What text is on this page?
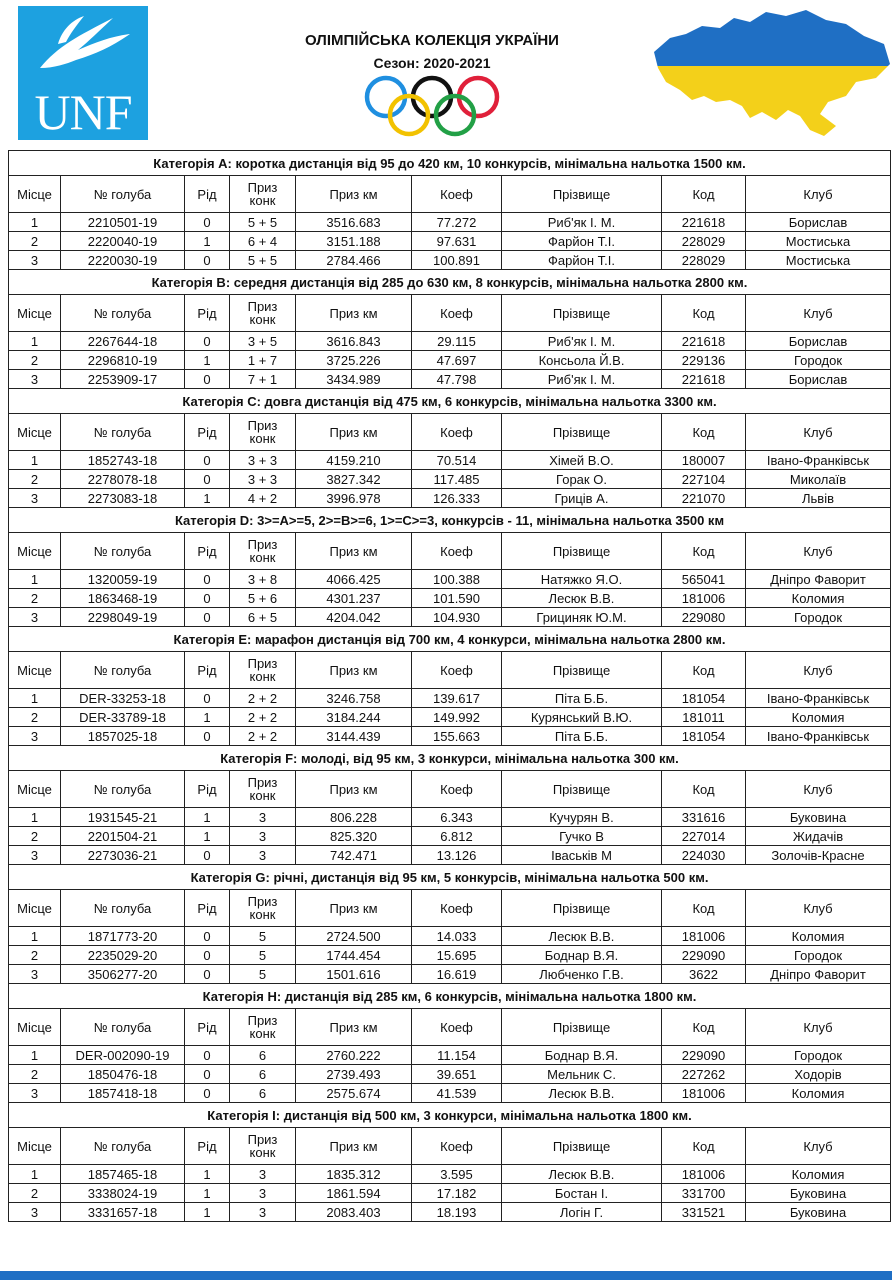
UNF
ОЛІМПІЙСЬКА КОЛЕКЦІЯ УКРАЇНИ
Сезон: 2020-2021
Категорія А: коротка дистанція від 95 до 420 км, 10 конкурсів, мінімальна нальотка 1500 км.								
Місце	№ голуба	Рід	Приз конк	Приз км	Коеф	Прізвище	Код	Клуб
1	2210501-19	0	5 + 5	3516.683	77.272	Риб'як І. М.	221618	Борислав
2	2220040-19	1	6 + 4	3151.188	97.631	Фарйон Т.І.	228029	Мостиська
3	2220030-19	0	5 + 5	2784.466	100.891	Фарйон Т.І.	228029	Мостиська
Категорія В: середня дистанція від 285 до 630 км, 8 конкурсів, мінімальна нальотка 2800 км.								
Місце	№ голуба	Рід	Приз конк	Приз км	Коеф	Прізвище	Код	Клуб
1	2267644-18	0	3 + 5	3616.843	29.115	Риб'як І. М.	221618	Борислав
2	2296810-19	1	1 + 7	3725.226	47.697	Консьола Й.В.	229136	Городок
3	2253909-17	0	7 + 1	3434.989	47.798	Риб'як І. М.	221618	Борислав
Категорія С: довга дистанція від 475 км, 6 конкурсів, мінімальна нальотка 3300 км.								
Місце	№ голуба	Рід	Приз конк	Приз км	Коеф	Прізвище	Код	Клуб
1	1852743-18	0	3 + 3	4159.210	70.514	Хімей В.О.	180007	Івано-Франківськ
2	2278078-18	0	3 + 3	3827.342	117.485	Горак О.	227104	Миколаїв
3	2273083-18	1	4 + 2	3996.978	126.333	Гриців А.	221070	Львів
Категорія D: 3>=A>=5, 2>=B>=6, 1>=C>=3, конкурсів - 11, мінімальна нальотка 3500 км								
Місце	№ голуба	Рід	Приз конк	Приз км	Коеф	Прізвище	Код	Клуб
1	1320059-19	0	3 + 8	4066.425	100.388	Натяжко Я.О.	565041	Дніпро Фаворит
2	1863468-19	0	5 + 6	4301.237	101.590	Лесюк В.В.	181006	Коломия
3	2298049-19	0	6 + 5	4204.042	104.930	Грициняк Ю.М.	229080	Городок
Категорія Е: марафон дистанція від 700 км, 4 конкурси, мінімальна нальотка 2800 км.								
Місце	№ голуба	Рід	Приз конк	Приз км	Коеф	Прізвище	Код	Клуб
1	DER-33253-18	0	2 + 2	3246.758	139.617	Піта Б.Б.	181054	Івано-Франківськ
2	DER-33789-18	1	2 + 2	3184.244	149.992	Курянський В.Ю.	181011	Коломия
3	1857025-18	0	2 + 2	3144.439	155.663	Піта Б.Б.	181054	Івано-Франківськ
Категорія F: молоді, від 95 км, 3 конкурси, мінімальна нальотка 300 км.								
Місце	№ голуба	Рід	Приз конк	Приз км	Коеф	Прізвище	Код	Клуб
1	1931545-21	1	3	806.228	6.343	Кучурян В.	331616	Буковина
2	2201504-21	1	3	825.320	6.812	Гучко В	227014	Жидачів
3	2273036-21	0	3	742.471	13.126	Іваськів М	224030	Золочів-Красне
Категорія G: річні, дистанція від 95 км, 5 конкурсів, мінімальна нальотка 500 км.								
Місце	№ голуба	Рід	Приз конк	Приз км	Коеф	Прізвище	Код	Клуб
1	1871773-20	0	5	2724.500	14.033	Лесюк В.В.	181006	Коломия
2	2235029-20	0	5	1744.454	15.695	Боднар В.Я.	229090	Городок
3	3506277-20	0	5	1501.616	16.619	Любченко Г.В.	3622	Дніпро Фаворит
Категорія Н: дистанція від 285 км, 6 конкурсів, мінімальна нальотка 1800 км.								
Місце	№ голуба	Рід	Приз конк	Приз км	Коеф	Прізвище	Код	Клуб
1	DER-002090-19	0	6	2760.222	11.154	Боднар В.Я.	229090	Городок
2	1850476-18	0	6	2739.493	39.651	Мельник С.	227262	Ходорів
3	1857418-18	0	6	2575.674	41.539	Лесюк В.В.	181006	Коломия
Категорія І: дистанція від 500 км, 3 конкурси, мінімальна нальотка 1800 км.								
Місце	№ голуба	Рід	Приз конк	Приз км	Коеф	Прізвище	Код	Клуб
1	1857465-18	1	3	1835.312	3.595	Лесюк В.В.	181006	Коломия
2	3338024-19	1	3	1861.594	17.182	Бостан І.	331700	Буковина
3	3331657-18	1	3	2083.403	18.193	Логін Г.	331521	Буковина
